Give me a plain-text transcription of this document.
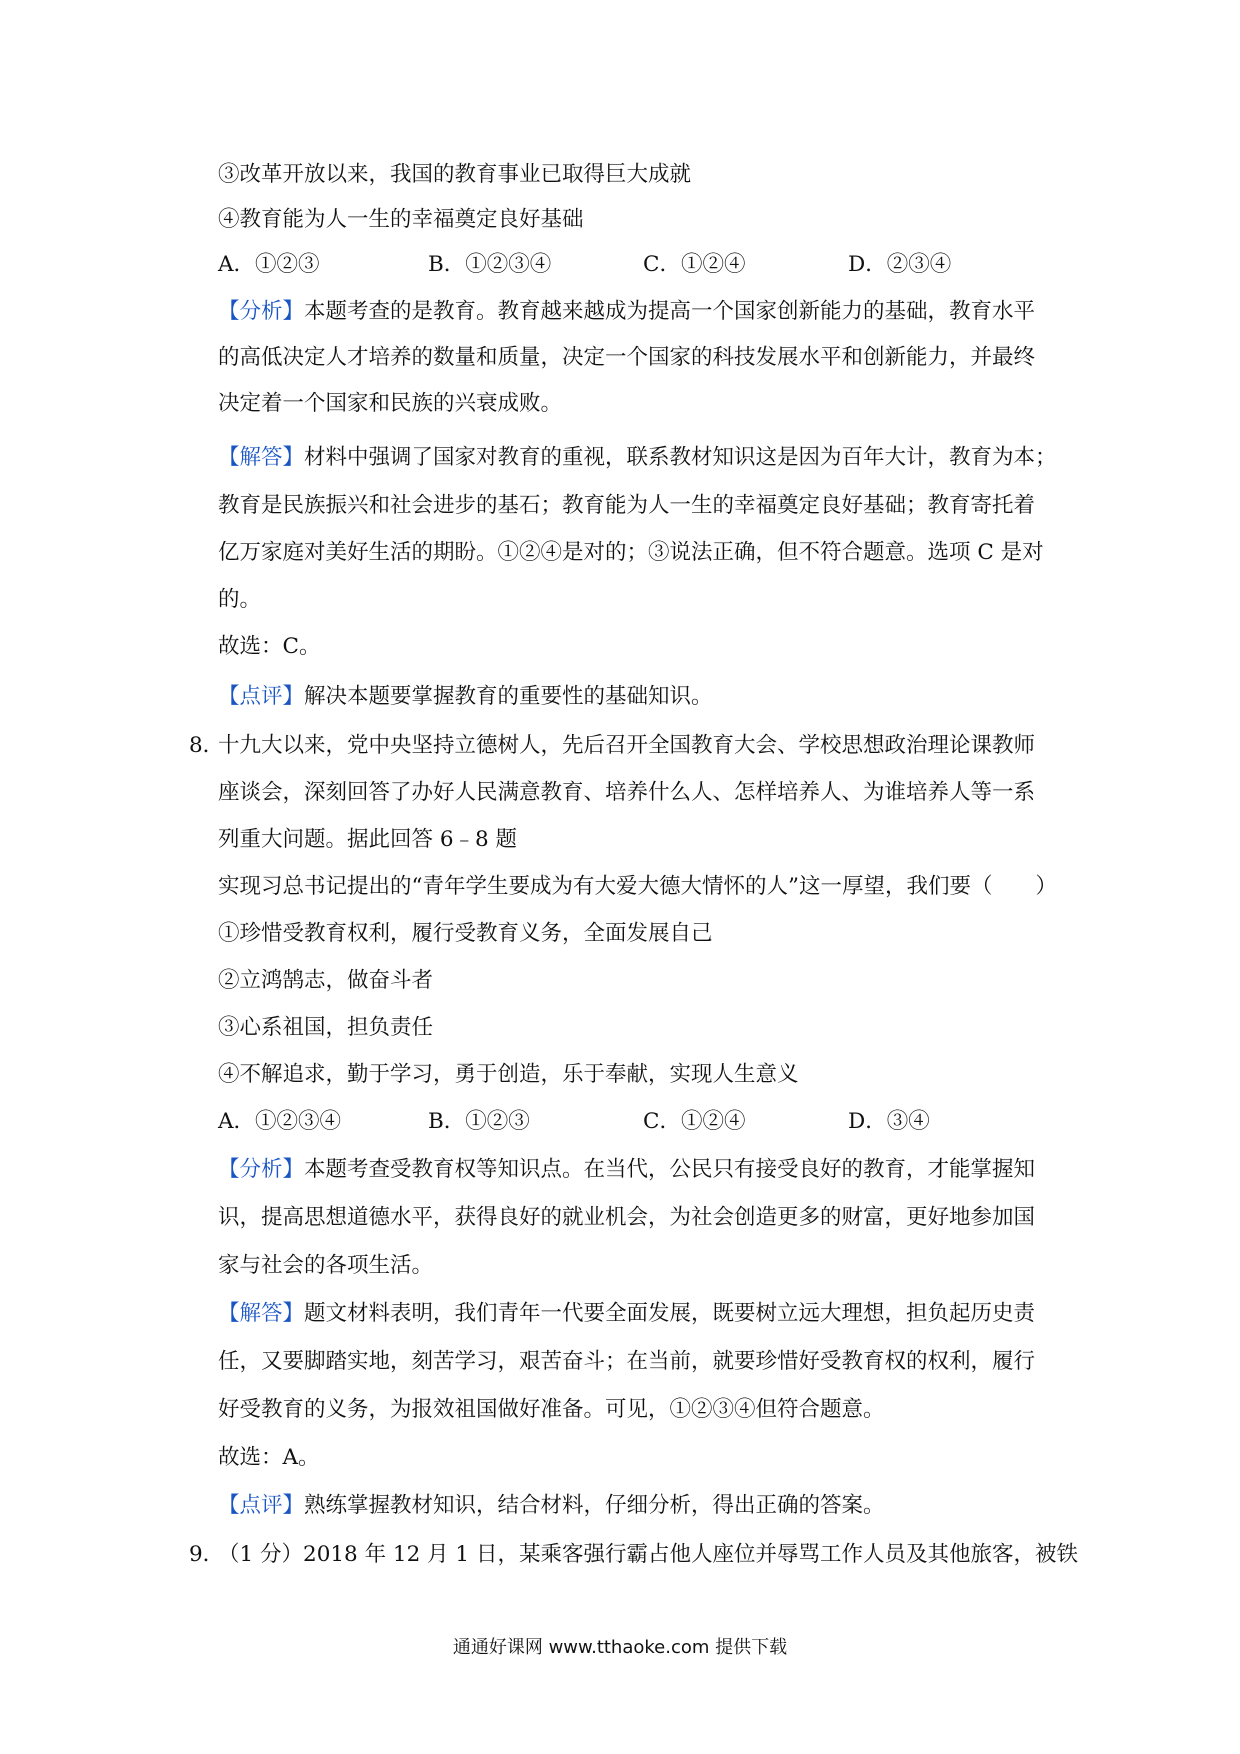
③改革开放以来，我国的教育事业已取得巨大成就
④教育能为人一生的幸福奠定良好基础
A．①②③	B．①②③④	C．①②④	D．②③④
【分析】本题考查的是教育。教育越来越成为提高一个国家创新能力的基础，教育水平
的高低决定人才培养的数量和质量，决定一个国家的科技发展水平和创新能力，并最终
决定着一个国家和民族的兴衰成败。
【解答】材料中强调了国家对教育的重视，联系教材知识这是因为百年大计，教育为本；
教育是民族振兴和社会进步的基石；教育能为人一生的幸福奠定良好基础；教育寄托着
亿万家庭对美好生活的期盼。①②④是对的；③说法正确，但不符合题意。选项 C 是对
的。
故选：C。
【点评】解决本题要掌握教育的重要性的基础知识。
8．
十九大以来，党中央坚持立德树人，先后召开全国教育大会、学校思想政治理论课教师
座谈会，深刻回答了办好人民满意教育、培养什么人、怎样培养人、为谁培养人等一系
列重大问题。据此回答 6﹣8 题
实现习总书记提出的“青年学生要成为有大爱大德大情怀的人”这一厚望，我们要（　　）
①珍惜受教育权利，履行受教育义务，全面发展自己
②立鸿鹄志，做奋斗者
③心系祖国，担负责任
④不解追求，勤于学习，勇于创造，乐于奉献，实现人生意义
A．①②③④	B．①②③	C．①②④	D．③④
【分析】本题考查受教育权等知识点。在当代，公民只有接受良好的教育，才能掌握知
识，提高思想道德水平，获得良好的就业机会，为社会创造更多的财富，更好地参加国
家与社会的各项生活。
【解答】题文材料表明，我们青年一代要全面发展，既要树立远大理想，担负起历史责
任，又要脚踏实地，刻苦学习，艰苦奋斗；在当前，就要珍惜好受教育权的权利，履行
好受教育的义务，为报效祖国做好准备。可见，①②③④但符合题意。
故选：A。
【点评】熟练掌握教材知识，结合材料，仔细分析，得出正确的答案。
9．
（1 分）2018 年 12 月 1 日，某乘客强行霸占他人座位并辱骂工作人员及其他旅客，被铁
通通好课网 www.tthaoke.com 提供下载
